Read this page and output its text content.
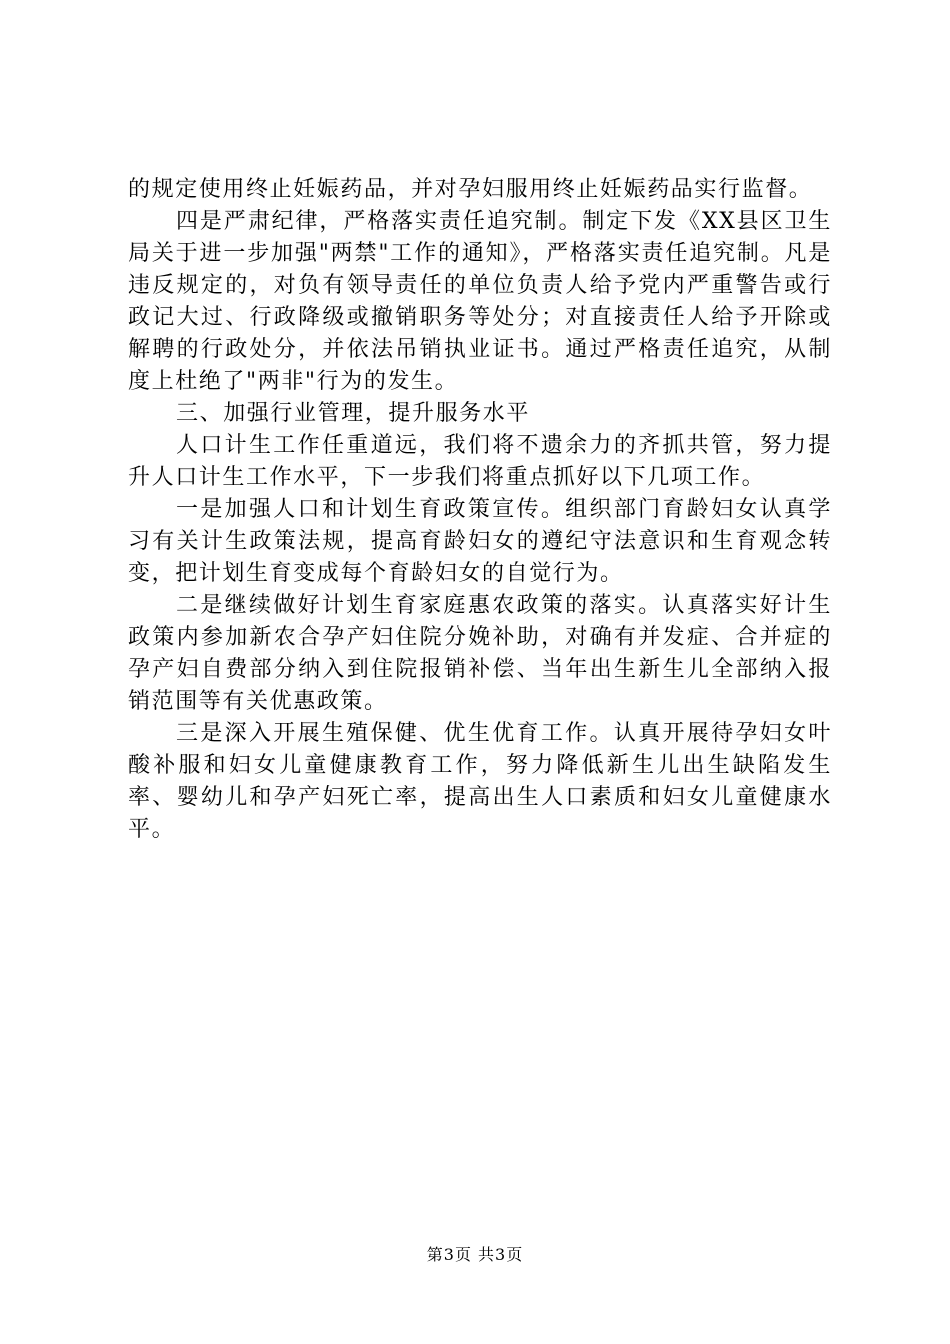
的规定使用终止妊娠药品，并对孕妇服用终止妊娠药品实行监督。

四是严肃纪律，严格落实责任追究制。制定下发《XX县区卫生局关于进一步加强"两禁"工作的通知》，严格落实责任追究制。凡是违反规定的，对负有领导责任的单位负责人给予党内严重警告或行政记大过、行政降级或撤销职务等处分；对直接责任人给予开除或解聘的行政处分，并依法吊销执业证书。通过严格责任追究，从制度上杜绝了"两非"行为的发生。

三、加强行业管理，提升服务水平

人口计生工作任重道远，我们将不遗余力的齐抓共管，努力提升人口计生工作水平，下一步我们将重点抓好以下几项工作。

一是加强人口和计划生育政策宣传。组织部门育龄妇女认真学习有关计生政策法规，提高育龄妇女的遵纪守法意识和生育观念转变，把计划生育变成每个育龄妇女的自觉行为。

二是继续做好计划生育家庭惠农政策的落实。认真落实好计生政策内参加新农合孕产妇住院分娩补助，对确有并发症、合并症的孕产妇自费部分纳入到住院报销补偿、当年出生新生儿全部纳入报销范围等有关优惠政策。

三是深入开展生殖保健、优生优育工作。认真开展待孕妇女叶酸补服和妇女儿童健康教育工作，努力降低新生儿出生缺陷发生率、婴幼儿和孕产妇死亡率，提高出生人口素质和妇女儿童健康水平。

第3页 共3页
